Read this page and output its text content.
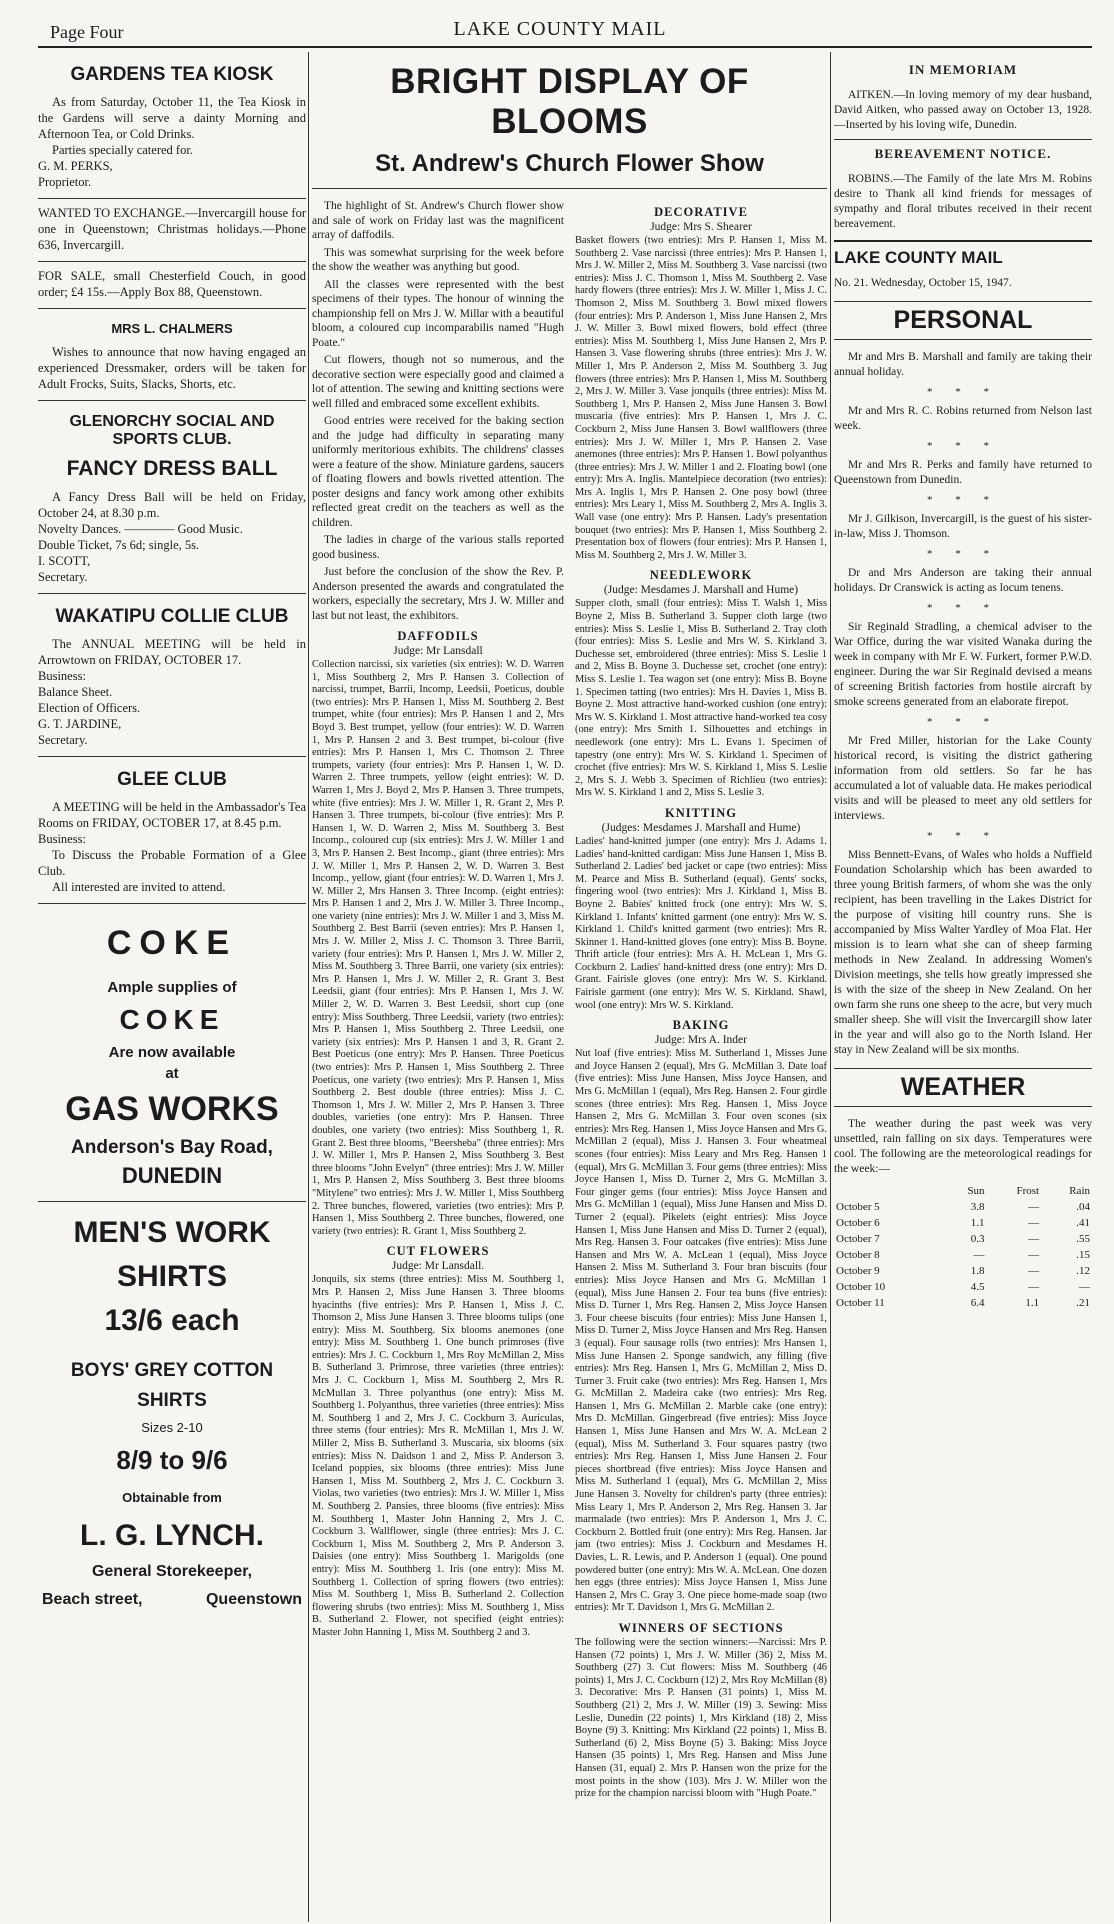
Page Four	LAKE COUNTY MAIL
GARDENS TEA KIOSK

As from Saturday, October 11, the Tea Kiosk in the Gardens will serve a dainty Morning and Afternoon Tea, or Cold Drinks.

Parties specially catered for.

G. M. PERKS,

Proprietor.

WANTED TO EXCHANGE.—Invercargill house for one in Queenstown; Christmas holidays.—Phone 636, Invercargill.

FOR SALE, small Chesterfield Couch, in good order; £4 15s.—Apply Box 88, Queenstown.

MRS L. CHALMERS

Wishes to announce that now having engaged an experienced Dressmaker, orders will be taken for Adult Frocks, Suits, Slacks, Shorts, etc.

GLENORCHY SOCIAL AND SPORTS CLUB.
FANCY DRESS BALL

A Fancy Dress Ball will be held on Friday, October 24, at 8.30 p.m.

Novelty Dances. ———— Good Music.

Double Ticket, 7s 6d; single, 5s.

I. SCOTT,

Secretary.

WAKATIPU COLLIE CLUB

The ANNUAL MEETING will be held in Arrowtown on FRIDAY, OCTOBER 17.

Business:

Balance Sheet.

Election of Officers.

G. T. JARDINE,

Secretary.

GLEE CLUB

A MEETING will be held in the Ambassador's Tea Rooms on FRIDAY, OCTOBER 17, at 8.45 p.m.

Business:

To Discuss the Probable Formation of a Glee Club.

All interested are invited to attend.

COKE
Ample supplies of
COKE
Are now available
at
GAS WORKS
Anderson's Bay Road,
DUNEDIN
MEN'S WORK
SHIRTS
13/6 each
BOYS' GREY COTTON
SHIRTS
Sizes 2-10
8/9 to 9/6
Obtainable from
L. G. LYNCH.
General Storekeeper,
Beach street,	Queenstown
BRIGHT DISPLAY OF BLOOMS
St. Andrew's Church Flower Show

The highlight of St. Andrew's Church flower show and sale of work on Friday last was the magnificent array of daffodils.

This was somewhat surprising for the week before the show the weather was anything but good.

All the classes were represented with the best specimens of their types. The honour of winning the championship fell on Mrs J. W. Millar with a beautiful bloom, a coloured cup incomparabilis named "Hugh Poate."

Cut flowers, though not so numerous, and the decorative section were especially good and claimed a lot of attention. The sewing and knitting sections were well filled and embraced some excellent exhibits.

Good entries were received for the baking section and the judge had difficulty in separating many uniformly meritorious exhibits. The childrens' classes were a feature of the show. Miniature gardens, saucers of floating flowers and bowls rivetted attention. The poster designs and fancy work among other exhibits reflected great credit on the teachers as well as the children.

The ladies in charge of the various stalls reported good business.

Just before the conclusion of the show the Rev. P. Anderson presented the awards and congratulated the workers, especially the secretary, Mrs J. W. Miller and last but not least, the exhibitors.

DAFFODILS
Judge: Mr Lansdall

Collection narcissi, six varieties (six entries): W. D. Warren 1, Miss Southberg 2, Mrs P. Hansen 3. Collection of narcissi, trumpet, Barrii, Incomp, Leedsii, Poeticus, double (two entries): Mrs P. Hansen 1, Miss M. Southberg 2. Best trumpet, white (four entries): Mrs P. Hansen 1 and 2, Mrs Boyd 3. Best trumpet, yellow (four entries): W. D. Warren 1, Mrs P. Hansen 2 and 3. Best trumpet, bi-colour (five entries): Mrs P. Hansen 1, Mrs C. Thomson 2. Three trumpets, variety (four entries): Mrs P. Hansen 1, W. D. Warren 2. Three trumpets, yellow (eight entries): W. D. Warren 1, Mrs J. Boyd 2, Mrs P. Hansen 3. Three trumpets, white (five entries): Mrs J. W. Miller 1, R. Grant 2, Mrs P. Hansen 3. Three trumpets, bi-colour (five entries): Mrs P. Hansen 1, W. D. Warren 2, Miss M. Southberg 3. Best Incomp., coloured cup (six entries): Mrs J. W. Miller 1 and 3, Mrs P. Hansen 2. Best Incomp., giant (three entries): Mrs J. W. Miller 1, Mrs P. Hansen 2, W. D. Warren 3. Best Incomp., yellow, giant (four entries): W. D. Warren 1, Mrs J. W. Miller 2, Mrs Hansen 3. Three Incomp. (eight entries): Mrs P. Hansen 1 and 2, Mrs J. W. Miller 3. Three Incomp., one variety (nine entries): Mrs J. W. Miller 1 and 3, Miss M. Southberg 2. Best Barrii (seven entries): Mrs P. Hansen 1, Mrs J. W. Miller 2, Miss J. C. Thomson 3. Three Barrii, variety (four entries): Mrs P. Hansen 1, Mrs J. W. Miller 2, Miss M. Southberg 3. Three Barrii, one variety (six entries): Mrs P. Hansen 1, Mrs J. W. Miller 2, R. Grant 3. Best Leedsii, giant (four entries): Mrs P. Hansen 1, Mrs J. W. Miller 2, W. D. Warren 3. Best Leedsii, short cup (one entry): Miss Southberg. Three Leedsii, variety (two entries): Mrs P. Hansen 1, Miss Southberg 2. Three Leedsii, one variety (six entries): Mrs P. Hansen 1 and 3, R. Grant 2. Best Poeticus (one entry): Mrs P. Hansen. Three Poeticus (two entries): Mrs P. Hansen 1, Miss Southberg 2. Three Poeticus, one variety (two entries): Mrs P. Hansen 1, Miss Southberg 2. Best double (three entries): Miss J. C. Thomson 1, Mrs J. W. Miller 2, Mrs P. Hansen 3. Three doubles, varieties (one entry): Mrs P. Hansen. Three doubles, one variety (two entries): Miss Southberg 1, R. Grant 2. Best three blooms, "Beersheba" (three entries): Mrs J. W. Miller 1, Mrs P. Hansen 2, Miss Southberg 3. Best three blooms "John Evelyn" (three entries): Mrs J. W. Miller 1, Mrs P. Hansen 2, Miss Southberg 3. Best three blooms "Mitylene" two entries): Mrs J. W. Miller 1, Miss Southberg 2. Three bunches, flowered, varieties (two entries): Mrs P. Hansen 1, Miss Southberg 2. Three bunches, flowered, one variety (two entries): R. Grant 1, Miss Southberg 2.

CUT FLOWERS
Judge: Mr Lansdall.

Jonquils, six stems (three entries): Miss M. Southberg 1, Mrs P. Hansen 2, Miss June Hansen 3. Three blooms hyacinths (five entries): Mrs P. Hansen 1, Miss J. C. Thomson 2, Miss June Hansen 3. Three blooms tulips (one entry): Miss M. Southberg. Six blooms anemones (one entry): Miss M. Southberg 1. One bunch primroses (five entries): Mrs J. C. Cockburn 1, Mrs Roy McMillan 2, Miss B. Sutherland 3. Primrose, three varieties (three entries): Mrs J. C. Cockburn 1, Miss M. Southberg 2, Mrs R. McMullan 3. Three polyanthus (one entry): Miss M. Southberg 1. Polyanthus, three varieties (three entries): Miss M. Southberg 1 and 2, Mrs J. C. Cockburn 3. Auriculas, three stems (four entries): Mrs R. McMillan 1, Mrs J. W. Miller 2, Miss B. Sutherland 3. Muscaria, six blooms (six entries): Miss N. Daidson 1 and 2, Miss P. Anderson 3. Iceland poppies, six blooms (three entries): Miss June Hansen 1, Miss M. Southberg 2, Mrs J. C. Cockburn 3. Violas, two varieties (two entries): Mrs J. W. Miller 1, Miss M. Southberg 2. Pansies, three blooms (five entries): Miss M. Southberg 1, Master John Hanning 2, Mrs J. C. Cockburn 3. Wallflower, single (three entries): Mrs J. C. Cockburn 1, Miss M. Southberg 2, Mrs P. Anderson 3. Daisies (one entry): Miss Southberg 1. Marigolds (one entry): Miss M. Southberg 1. Iris (one entry): Miss M. Southberg 1. Collection of spring flowers (two entries): Miss M. Southberg 1, Miss B. Sutherland 2. Collection flowering shrubs (two entries): Miss M. Southberg 1, Miss B. Sutherland 2. Flower, not specified (eight entries): Master John Hanning 1, Miss M. Southberg 2 and 3.

DECORATIVE
Judge: Mrs S. Shearer

Basket flowers (two entries): Mrs P. Hansen 1, Miss M. Southberg 2. Vase narcissi (three entries): Mrs P. Hansen 1, Mrs J. W. Miller 2, Miss M. Southberg 3. Vase narcissi (two entries): Miss J. C. Thomson 1, Miss M. Southberg 2. Vase hardy flowers (three entries): Mrs J. W. Miller 1, Miss J. C. Thomson 2, Miss M. Southberg 3. Bowl mixed flowers (four entries): Mrs P. Anderson 1, Miss June Hansen 2, Mrs J. W. Miller 3. Bowl mixed flowers, bold effect (three entries): Miss M. Southberg 1, Miss June Hansen 2, Mrs P. Hansen 3. Vase flowering shrubs (three entries): Mrs J. W. Miller 1, Mrs P. Anderson 2, Miss M. Southberg 3. Jug flowers (three entries): Mrs P. Hansen 1, Miss M. Southberg 2, Mrs J. W. Miller 3. Vase jonquils (three entries): Miss M. Southberg 1, Mrs P. Hansen 2, Miss June Hansen 3. Bowl muscaria (five entries): Mrs P. Hansen 1, Mrs J. C. Cockburn 2, Miss June Hansen 3. Bowl wallflowers (three entries): Mrs J. W. Miller 1, Mrs P. Hansen 2. Vase anemones (three entries): Mrs P. Hansen 1. Bowl polyanthus (three entries): Mrs J. W. Miller 1 and 2. Floating bowl (one entry): Mrs A. Inglis. Mantelpiece decoration (two entries): Mrs A. Inglis 1, Mrs P. Hansen 2. One posy bowl (three entries): Mrs Leary 1, Miss M. Southberg 2, Mrs A. Inglis 3. Wall vase (one entry): Mrs P. Hansen. Lady's presentation bouquet (two entries): Mrs P. Hansen 1, Miss Southberg 2. Presentation box of flowers (four entries): Mrs P. Hansen 1, Miss M. Southberg 2, Mrs J. W. Miller 3.

NEEDLEWORK
(Judge: Mesdames J. Marshall and Hume)

Supper cloth, small (four entries): Miss T. Walsh 1, Miss Boyne 2, Miss B. Sutherland 3. Supper cloth large (two entries): Miss S. Leslie 1, Miss B. Sutherland 2. Tray cloth (four entries): Miss S. Leslie and Mrs W. S. Kirkland 3. Duchesse set, embroidered (three entries): Miss S. Leslie 1 and 2, Miss B. Boyne 3. Duchesse set, crochet (one entry): Miss S. Leslie 1. Tea wagon set (one entry): Miss B. Boyne 1. Specimen tatting (two entries): Mrs H. Davies 1, Miss B. Boyne 2. Most attractive hand-worked cushion (one entry): Mrs W. S. Kirkland 1. Most attractive hand-worked tea cosy (one entry): Mrs Smith 1. Silhouettes and etchings in needlework (one entry): Mrs L. Evans 1. Specimen of tapestry (one entry): Mrs W. S. Kirkland 1. Specimen of crochet (five entries): Mrs W. S. Kirkland 1, Miss S. Leslie 2, Mrs S. J. Webb 3. Specimen of Richlieu (two entries): Mrs W. S. Kirkland 1 and 2, Miss S. Leslie 3.

KNITTING
(Judges: Mesdames J. Marshall and Hume)

Ladies' hand-knitted jumper (one entry): Mrs J. Adams 1. Ladies' hand-knitted cardigan: Miss June Hansen 1, Miss B. Sutherland 2. Ladies' bed jacket or cape (two entries): Miss M. Pearce and Miss B. Sutherland (equal). Gents' socks, fingering wool (two entries): Mrs J. Kirkland 1, Miss B. Boyne 2. Babies' knitted frock (one entry): Mrs W. S. Kirkland 1. Infants' knitted garment (one entry): Mrs W. S. Kirkland 1. Child's knitted garment (two entries): Mrs R. Skinner 1. Hand-knitted gloves (one entry): Miss B. Boyne. Thrift article (four entries): Mrs A. H. McLean 1, Mrs G. Cockburn 2. Ladies' hand-knitted dress (one entry): Mrs D. Grant. Fairisle gloves (one entry): Mrs W. S. Kirkland. Fairisle garment (one entry): Mrs W. S. Kirkland. Shawl, wool (one entry): Mrs W. S. Kirkland.

BAKING
Judge: Mrs A. Inder

Nut loaf (five entries): Miss M. Sutherland 1, Misses June and Joyce Hansen 2 (equal), Mrs G. McMillan 3. Date loaf (five entries): Miss June Hansen, Miss Joyce Hansen, and Mrs G. McMillan 1 (equal), Mrs Reg. Hansen 2. Four girdle scones (three entries): Mrs Reg. Hansen 1, Miss Joyce Hansen 2, Mrs G. McMillan 3. Four oven scones (six entries): Mrs Reg. Hansen 1, Miss Joyce Hansen and Mrs G. McMillan 2 (equal), Miss J. Hansen 3. Four wheatmeal scones (four entries): Miss Leary and Mrs Reg. Hansen 1 (equal), Mrs G. McMillan 3. Four gems (three entries): Miss Joyce Hansen 1, Miss D. Turner 2, Mrs G. McMillan 3. Four ginger gems (four entries): Miss Joyce Hansen and Mrs G. McMillan 1 (equal), Miss June Hansen and Miss D. Turner 2 (equal). Pikelets (eight entries): Miss Joyce Hansen 1, Miss June Hansen and Miss D. Turner 2 (equal), Mrs Reg. Hansen 3. Four oatcakes (five entries): Miss June Hansen and Mrs W. A. McLean 1 (equal), Miss Joyce Hansen 2. Miss M. Sutherland 3. Four bran biscuits (four entries): Miss Joyce Hansen and Mrs G. McMillan 1 (equal), Miss June Hansen 2. Four tea buns (five entries): Miss D. Turner 1, Mrs Reg. Hansen 2, Miss Joyce Hansen 3. Four cheese biscuits (four entries): Miss June Hansen 1, Miss D. Turner 2, Miss Joyce Hansen and Mrs Reg. Hansen 3 (equal). Four sausage rolls (two entries): Mrs Hansen 1, Miss June Hansen 2. Sponge sandwich, any filling (five entries): Mrs Reg. Hansen 1, Mrs G. McMillan 2, Miss D. Turner 3. Fruit cake (two entries): Mrs Reg. Hansen 1, Mrs G. McMillan 2. Madeira cake (two entries): Mrs Reg. Hansen 1, Mrs G. McMillan 2. Marble cake (one entry): Mrs D. McMillan. Gingerbread (five entries): Miss Joyce Hansen 1, Miss June Hansen and Mrs W. A. McLean 2 (equal), Miss M. Sutherland 3. Four squares pastry (two entries): Mrs Reg. Hansen 1, Miss June Hansen 2. Four pieces shortbread (five entries): Miss Joyce Hansen and Miss M. Sutherland 1 (equal), Mrs G. McMillan 2, Miss June Hansen 3. Novelty for children's party (three entries): Miss Leary 1, Mrs P. Anderson 2, Mrs Reg. Hansen 3. Jar marmalade (two entries): Mrs P. Anderson 1, Mrs J. C. Cockburn 2. Bottled fruit (one entry): Mrs Reg. Hansen. Jar jam (two entries): Miss J. Cockburn and Mesdames H. Davies, L. R. Lewis, and P. Anderson 1 (equal). One pound powdered butter (one entry): Mrs W. A. McLean. One dozen hen eggs (three entries): Miss Joyce Hansen 1, Miss June Hansen 2, Mrs C. Gray 3. One piece home-made soap (two entries): Mr T. Davidson 1, Mrs G. McMillan 2.

WINNERS OF SECTIONS

The following were the section winners:—Narcissi: Mrs P. Hansen (72 points) 1, Mrs J. W. Miller (36) 2, Miss M. Southberg (27) 3. Cut flowers: Miss M. Southberg (46 points) 1, Mrs J. C. Cockburn (12) 2, Mrs Roy McMillan (8) 3. Decorative: Mrs P. Hansen (31 points) 1, Miss M. Southberg (21) 2, Mrs J. W. Miller (19) 3. Sewing: Miss Leslie, Dunedin (22 points) 1, Mrs Kirkland (18) 2, Miss Boyne (9) 3. Knitting: Mrs Kirkland (22 points) 1, Miss B. Sutherland (6) 2, Miss Boyne (5) 3. Baking: Miss Joyce Hansen (35 points) 1, Mrs Reg. Hansen and Miss June Hansen (31, equal) 2. Mrs P. Hansen won the prize for the most points in the show (103). Mrs J. W. Miller won the prize for the champion narcissi bloom with "Hugh Poate."

IN MEMORIAM

AITKEN.—In loving memory of my dear husband, David Aitken, who passed away on October 13, 1928.—Inserted by his loving wife, Dunedin.

BEREAVEMENT NOTICE.

ROBINS.—The Family of the late Mrs M. Robins desire to Thank all kind friends for messages of sympathy and floral tributes received in their recent bereavement.

LAKE COUNTY MAIL

No. 21. Wednesday, October 15, 1947.

PERSONAL

Mr and Mrs B. Marshall and family are taking their annual holiday.

* * *

Mr and Mrs R. C. Robins returned from Nelson last week.

* * *

Mr and Mrs R. Perks and family have returned to Queenstown from Dunedin.

* * *

Mr J. Gilkison, Invercargill, is the guest of his sister-in-law, Miss J. Thomson.

* * *

Dr and Mrs Anderson are taking their annual holidays. Dr Cranswick is acting as locum tenens.

* * *

Sir Reginald Stradling, a chemical adviser to the War Office, during the war visited Wanaka during the week in company with Mr F. W. Furkert, former P.W.D. engineer. During the war Sir Reginald devised a means of screening British factories from hostile aircraft by smoke screens generated from an elaborate firepot.

* * *

Mr Fred Miller, historian for the Lake County historical record, is visiting the district gathering information from old settlers. So far he has accumulated a lot of valuable data. He makes periodical visits and will be pleased to meet any old settlers for interviews.

* * *

Miss Bennett-Evans, of Wales who holds a Nuffield Foundation Scholarship which has been awarded to three young British farmers, of whom she was the only recipient, has been travelling in the Lakes District for the purpose of visiting hill country runs. She is accompanied by Miss Walter Yardley of Moa Flat. Her mission is to learn what she can of sheep farming methods in New Zealand. In addressing Women's Division meetings, she tells how greatly impressed she is with the size of the sheep in New Zealand. On her own farm she runs one sheep to the acre, but very much smaller sheep. She will visit the Invercargill show later in the year and will also go to the North Island. Her stay in New Zealand will be six months.

WEATHER

The weather during the past week was very unsettled, rain falling on six days. Temperatures were cool. The following are the meteorological readings for the week:—

	Sun	Frost	Rain
October 5	3.8	—	.04
October 6	1.1	—	.41
October 7	0.3	—	.55
October 8	—	—	.15
October 9	1.8	—	.12
October 10	4.5	—	—
October 11	6.4	1.1	.21
